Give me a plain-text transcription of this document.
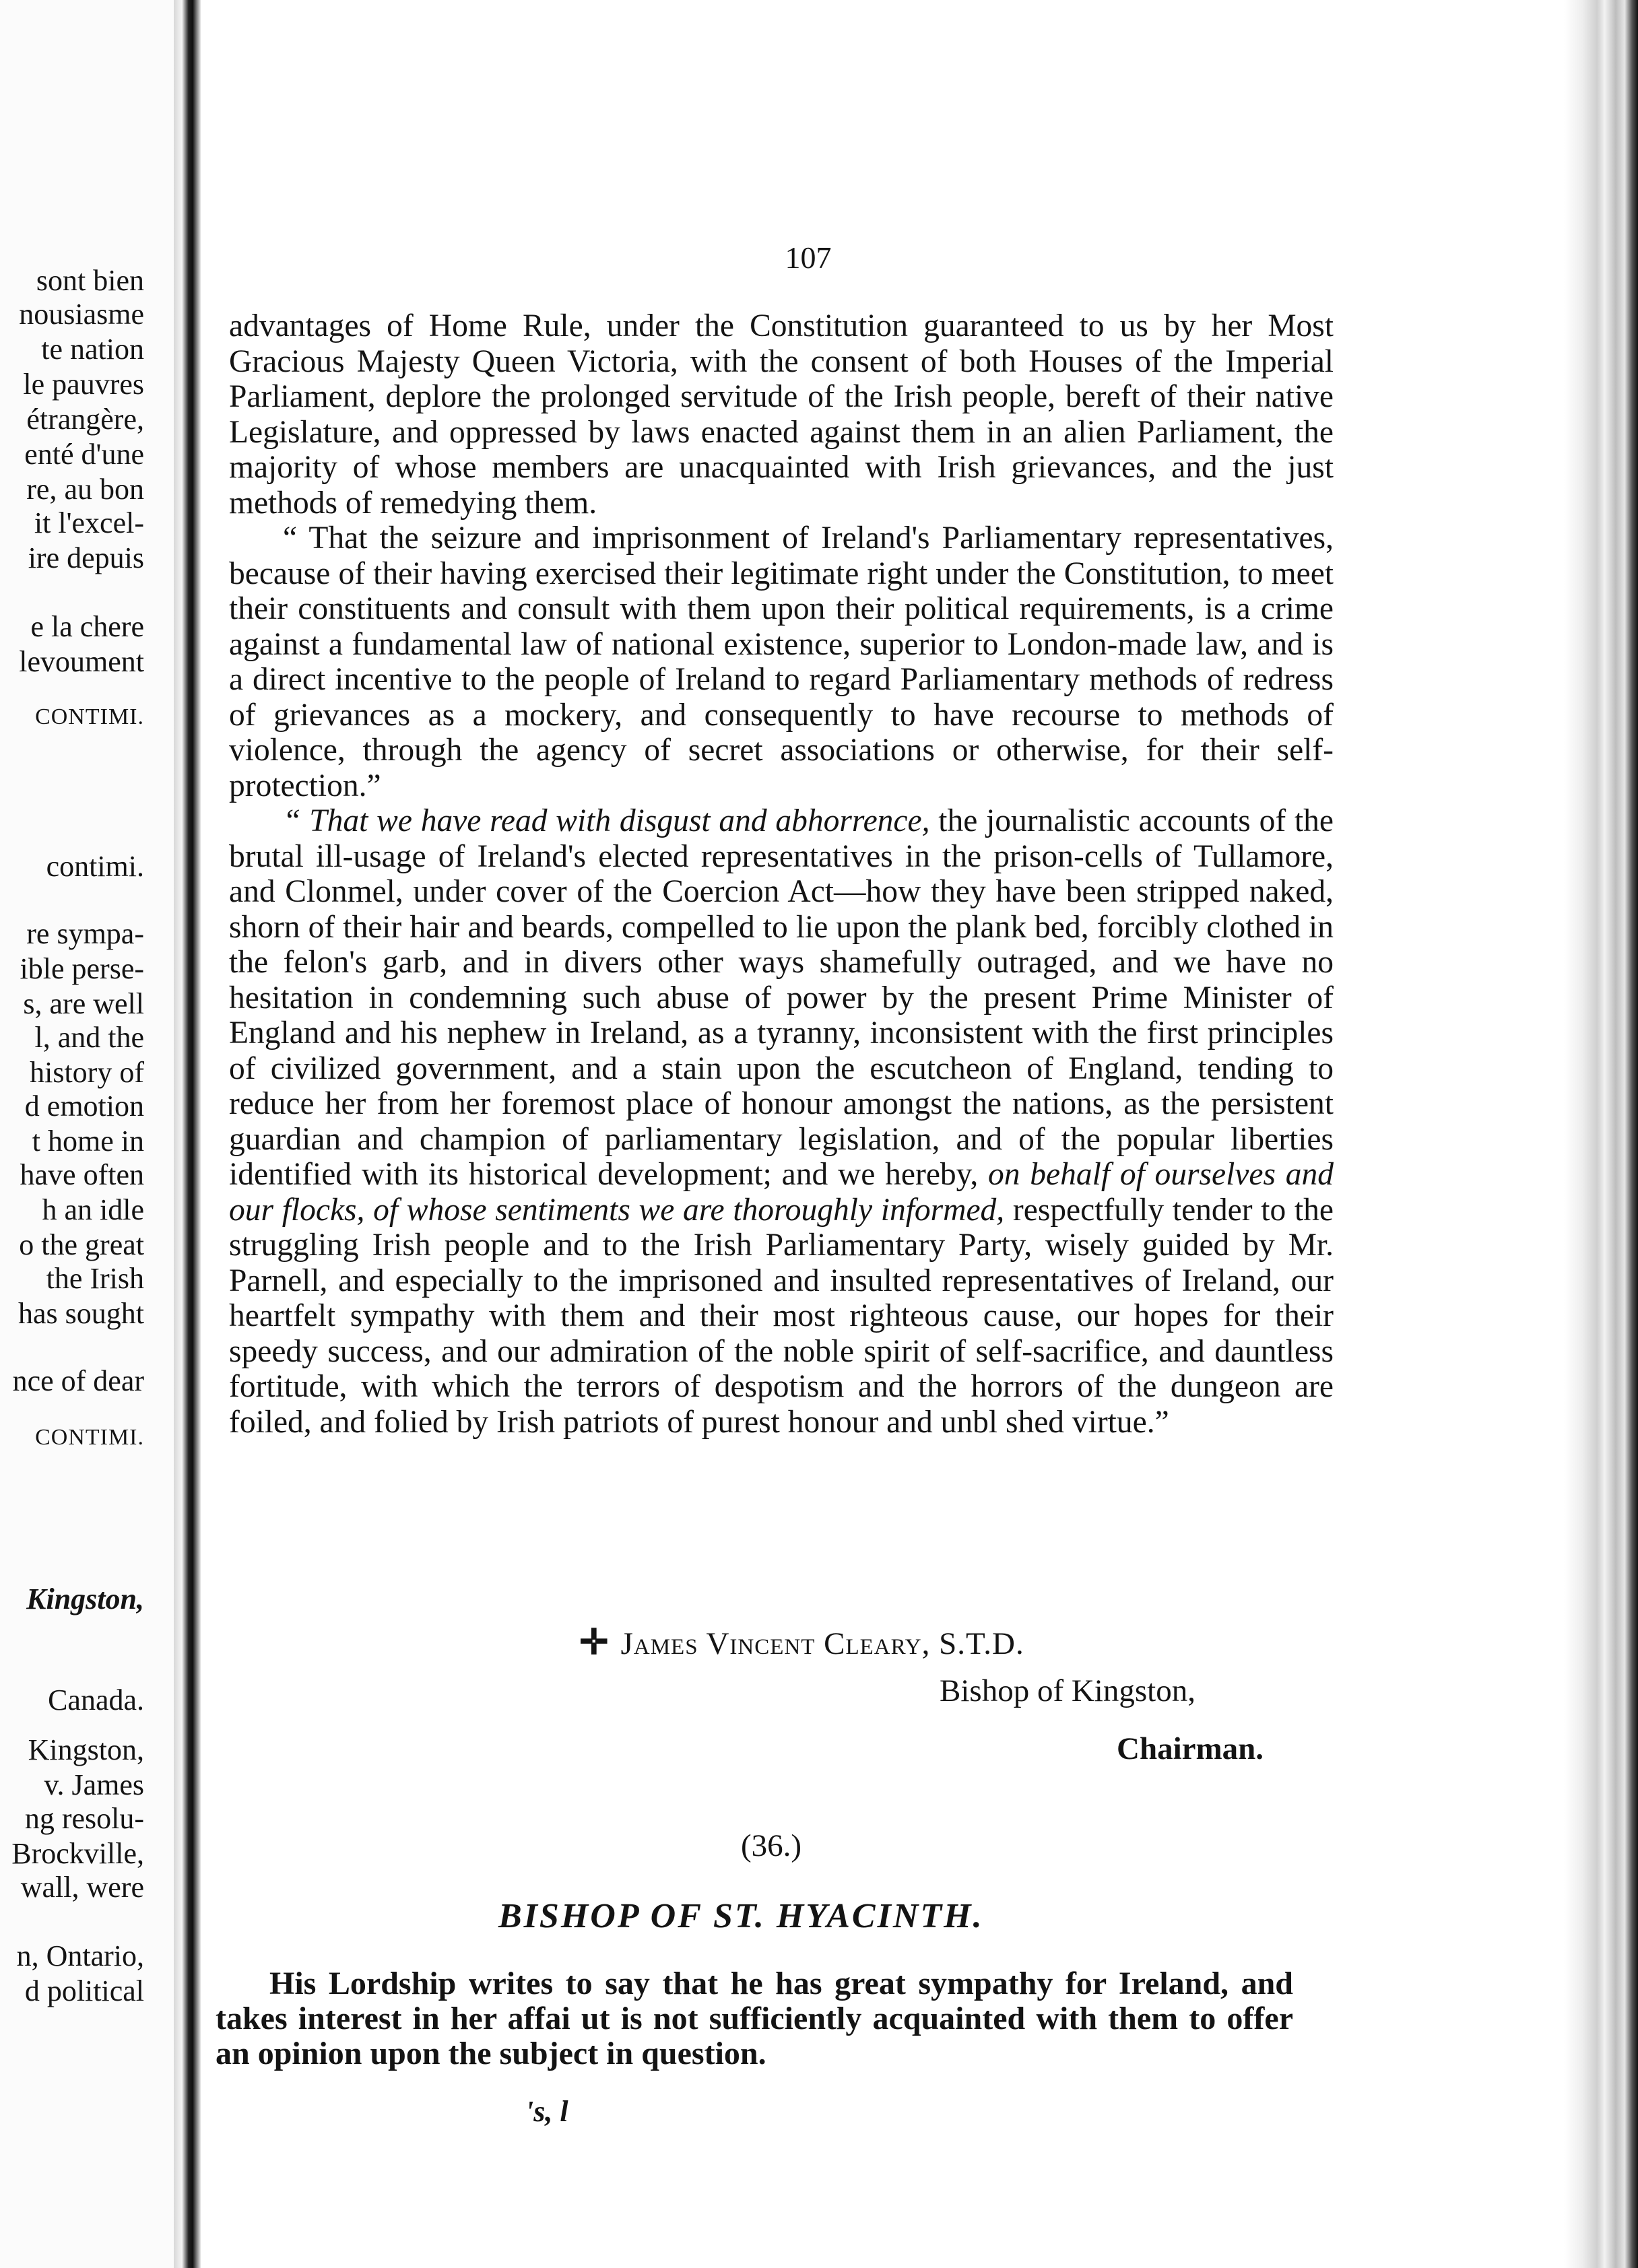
sont bien
nousiasme
te nation
le pauvres
étrangère,
enté d'une
re, au bon
it l'excel-
ire depuis
e la chere
levoument
CONTIMI.
contimi.
re sympa-
ible perse-
s, are well
l, and the
history of
d emotion
t home in
have often
h an idle
o the great
the Irish
has sought
nce of dear
CONTIMI.
Kingston,
Canada.
Kingston,
v. James
ng resolu-
Brockville,
wall, were
n, Ontario,
d political
107

advantages of Home Rule, under the Constitution guaranteed to us by her Most Gracious Majesty Queen Victoria, with the consent of both Houses of the Imperial Parliament, deplore the prolonged servitude of the Irish people, bereft of their native Legislature, and oppressed by laws enacted against them in an alien Parliament, the majority of whose members are unacquainted with Irish grievances, and the just methods of remedying them.

“ That the seizure and imprisonment of Ireland's Parliamentary representatives, because of their having exercised their legitimate right under the Constitution, to meet their constituents and consult with them upon their political requirements, is a crime against a fundamental law of national existence, superior to London-made law, and is a direct incentive to the people of Ireland to regard Parliamentary methods of redress of grievances as a mockery, and consequently to have recourse to methods of violence, through the agency of secret associations or otherwise, for their self-protection.”

“ That we have read with disgust and abhorrence, the journalistic accounts of the brutal ill-usage of Ireland's elected representatives in the prison-cells of Tullamore, and Clonmel, under cover of the Coercion Act—how they have been stripped naked, shorn of their hair and beards, compelled to lie upon the plank bed, forcibly clothed in the felon's garb, and in divers other ways shamefully outraged, and we have no hesitation in condemning such abuse of power by the present Prime Minister of England and his nephew in Ireland, as a tyranny, inconsistent with the first principles of civilized government, and a stain upon the escutcheon of England, tending to reduce her from her foremost place of honour amongst the nations, as the persistent guardian and champion of parliamentary legislation, and of the popular liberties identified with its historical development; and we hereby, on behalf of ourselves and our flocks, of whose sentiments we are thoroughly informed, respectfully tender to the struggling Irish people and to the Irish Parliamentary Party, wisely guided by Mr. Parnell, and especially to the imprisoned and insulted representatives of Ireland, our heartfelt sympathy with them and their most righteous cause, our hopes for their speedy success, and our admiration of the noble spirit of self-sacrifice, and dauntless fortitude, with which the terrors of despotism and the horrors of the dungeon are foiled, and folied by Irish patriots of purest honour and unbl shed virtue.”

✛ James Vincent Cleary, S.T.D.
Bishop of Kingston,
Chairman.
(36.)
BISHOP OF ST. HYACINTH.

His Lordship writes to say that he has great sympathy for Ireland, and takes interest in her affai ut is not sufficiently acquainted with them to offer an opinion upon the subject in question.

's, l
